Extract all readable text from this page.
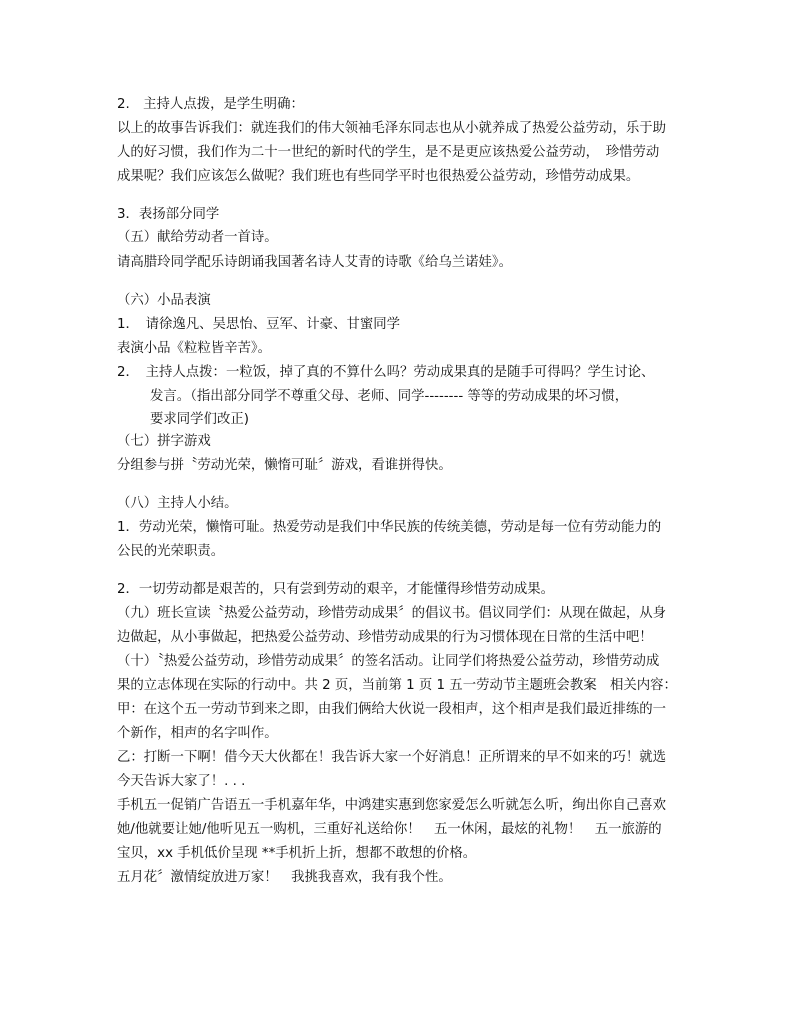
2.　主持人点拨，是学生明确：
以上的故事告诉我们：就连我们的伟大领袖毛泽东同志也从小就养成了热爱公益劳动，乐于助
人的好习惯，我们作为二十一世纪的新时代的学生，是不是更应该热爱公益劳动，　珍惜劳动
成果呢？我们应该怎么做呢？我们班也有些同学平时也很热爱公益劳动，珍惜劳动成果。
3．表扬部分同学
（五）献给劳动者一首诗。
请高腊玲同学配乐诗朗诵我国著名诗人艾青的诗歌《给乌兰诺娃》。
（六）小品表演
1．　请徐逸凡、吴思怡、豆军、计豪、甘蜜同学
表演小品《粒粒皆辛苦》。
2．　主持人点拨：一粒饭，掉了真的不算什么吗？劳动成果真的是随手可得吗？学生讨论、
发言。（指出部分同学不尊重父母、老师、同学-------- 等等的劳动成果的坏习惯，
要求同学们改正)
（七）拼字游戏
分组参与拼〝劳动光荣，懒惰可耻〞游戏，看谁拼得快。
（八）主持人小结。
1．劳动光荣，懒惰可耻。热爱劳动是我们中华民族的传统美德，劳动是每一位有劳动能力的
公民的光荣职责。
2．一切劳动都是艰苦的，只有尝到劳动的艰辛，才能懂得珍惜劳动成果。
（九）班长宣读〝热爱公益劳动，珍惜劳动成果〞的倡议书。倡议同学们：从现在做起，从身
边做起，从小事做起，把热爱公益劳动、珍惜劳动成果的行为习惯体现在日常的生活中吧！
（十）〝热爱公益劳动，珍惜劳动成果〞的签名活动。让同学们将热爱公益劳动，珍惜劳动成
果的立志体现在实际的行动中。共 2 页，当前第 1 页 1 五一劳动节主题班会教案　相关内容：
甲：在这个五一劳动节到来之即，由我们俩给大伙说一段相声，这个相声是我们最近排练的一
个新作，相声的名字叫作。
乙：打断一下啊！借今天大伙都在！我告诉大家一个好消息！正所谓来的早不如来的巧！就选
今天告诉大家了！. . .
手机五一促销广告语五一手机嘉年华，中鸿建实惠到您家爱怎么听就怎么听，绚出你自己喜欢
她/他就要让她/他听见五一购机，三重好礼送给你！　五一休闲，最炫的礼物！　五一旅游的
宝贝，xx 手机低价呈现 **手机折上折，想都不敢想的价格。
五月花〞激情绽放进万家！　我挑我喜欢，我有我个性。
